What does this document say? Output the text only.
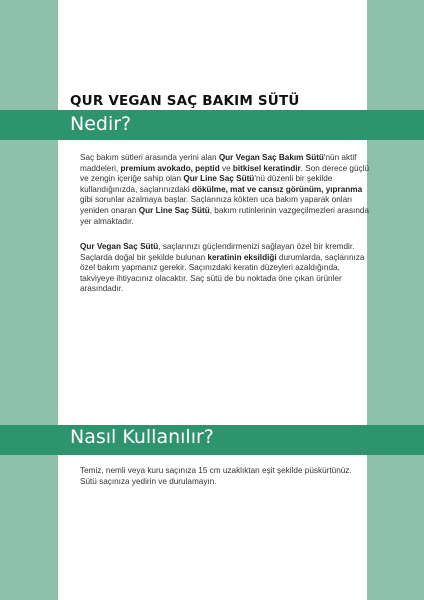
QUR VEGAN SAÇ BAKIM SÜTÜ
Nedir?
Saç bakım sütleri arasında yerini alan Qur Vegan Saç Bakım Sütü'nün aktif maddeleri, premium avokado, peptid ve bitkisel keratindir. Son derece güçlü ve zengin içeriğe sahip olan Qur Line Saç Sütü'nü düzenli bir şekilde kullandığınızda, saçlarınızdaki dökülme, mat ve cansız görünüm, yıpranma gibi sorunlar azalmaya başlar. Saçlarınıza kökten uca bakım yaparak onları yeniden onaran Qur Line Saç Sütü, bakım rutinlerinin vazgeçilmezleri arasında yer almaktadır.
Qur Vegan Saç Sütü, saçlarınızı güçlendirmenizi sağlayan özel bir kremdir. Saçlarda doğal bir şekilde bulunan keratinin eksildiği durumlarda, saçlarınıza özel bakım yapmanız gerekir. Saçınızdaki keratin düzeyleri azaldığında, takviyeye ihtiyacınız olacaktır. Saç sütü de bu noktada öne çıkan ürünler arasındadır.
Nasıl Kullanılır?
Temiz, nemli veya kuru saçınıza 15 cm uzaklıktan eşit şekilde püskürtünüz. Sütü saçınıza yedirin ve durulamayın.
